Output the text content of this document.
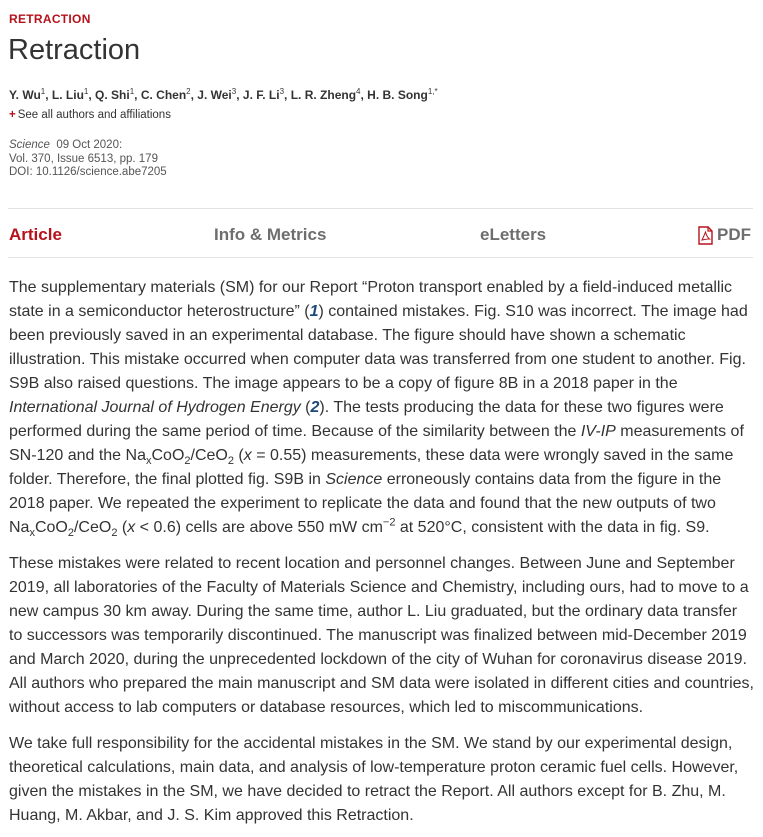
RETRACTION
Retraction
Y. Wu$^1$, L. Liu$^1$, Q. Shi$^1$, C. Chen$^2$, J. Wei$^3$, J. F. Li$^3$, L. R. Zheng$^4$, H. B. Song$^{1,*}$
+ See all authors and affiliations
Science 09 Oct 2020:
Vol. 370, Issue 6513, pp. 179
DOI: 10.1126/science.abe7205
Article	Info & Metrics	eLetters	PDF

The supplementary materials (SM) for our Report “Proton transport enabled by a field-induced metallic state in a semiconductor heterostructure” (1) contained mistakes. Fig. S10 was incorrect. The image had been previously saved in an experimental database. The figure should have shown a schematic illustration. This mistake occurred when computer data was transferred from one student to another. Fig. S9B also raised questions. The image appears to be a copy of figure 8B in a 2018 paper in the International Journal of Hydrogen Energy (2). The tests producing the data for these two figures were performed during the same period of time. Because of the similarity between the IV-IP measurements of SN-120 and the $Na_xCoO_2/CeO_2$ (x = 0.55) measurements, these data were wrongly saved in the same folder. Therefore, the final plotted fig. S9B in Science erroneously contains data from the figure in the 2018 paper. We repeated the experiment to replicate the data and found that the new outputs of two $Na_xCoO_2/CeO_2$ (x < 0.6) cells are above 550 mW $cm^{-2}$ at 520°C, consistent with the data in fig. S9.

These mistakes were related to recent location and personnel changes. Between June and September 2019, all laboratories of the Faculty of Materials Science and Chemistry, including ours, had to move to a new campus 30 km away. During the same time, author L. Liu graduated, but the ordinary data transfer to successors was temporarily discontinued. The manuscript was finalized between mid-December 2019 and March 2020, during the unprecedented lockdown of the city of Wuhan for coronavirus disease 2019. All authors who prepared the main manuscript and SM data were isolated in different cities and countries, without access to lab computers or database resources, which led to miscommunications.

We take full responsibility for the accidental mistakes in the SM. We stand by our experimental design, theoretical calculations, main data, and analysis of low-temperature proton ceramic fuel cells. However, given the mistakes in the SM, we have decided to retract the Report. All authors except for B. Zhu, M. Huang, M. Akbar, and J. S. Kim approved this Retraction.
